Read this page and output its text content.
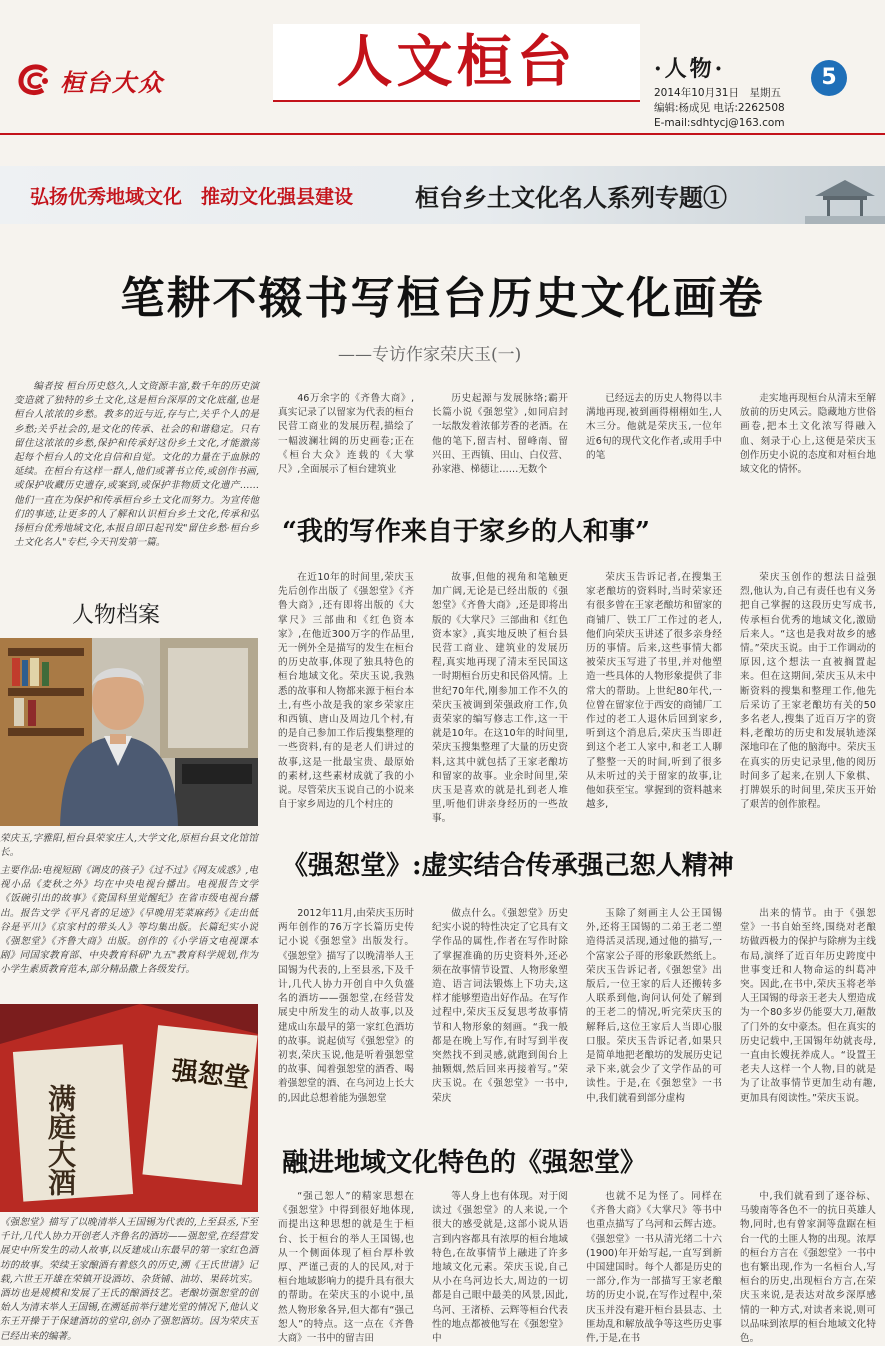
桓台大众	人文桓台	·人物·	5
2014年10月31日　星期五
编辑:杨成见 电话:2262508
E-mail:sdhtycj@163.com
弘扬优秀地域文化　推动文化强县建设	桓台乡土文化名人系列专题①
笔耕不辍书写桓台历史文化画卷
——专访作家荣庆玉(一)

编者按 桓台历史悠久,人文资源丰富,数千年的历史演变造就了独特的乡土文化,这是桓台深厚的文化底蕴,也是桓台人浓浓的乡愁。教多的近与近,存与亡,关乎个人的是乡愁;关乎社会的,是文化的传承、社会的和谐稳定。只有留住这浓浓的乡愁,保护和传承好这份乡土文化,才能激荡起每个桓台人的文化自信和自觉。文化的力量在于血脉的延续。在桓台有这样一群人,他们或著书立传,或创作书画,或保护收藏历史遗存,或案到,或保护非物质文化遗产……他们一直在为保护和传承桓台乡土文化而努力。为宣传他们的事迹,让更多的人了解和认识桓台乡土文化,传承和弘扬桓台优秀地域文化,本报自即日起刊发"留住乡愁·桓台乡土文化名人"专栏,今天刊发第一篇。

46万余字的《齐鲁大商》,真实记录了以留家为代表的桓台民营工商业的发展历程,描绘了一幅波澜壮阔的历史画卷;正在《桓台大众》连载的《大掌尺》,全面展示了桓台建筑业

历史起源与发展脉络;霸开长篇小说《强恕堂》,如同启封一坛散发着浓郁芳香的老酒。在他的笔下,留吉村、留峰南、留兴田、王西镇、田山、白仪营、孙家港、梯德让……无数个

已经远去的历史人物得以丰满地再现,被到画得栩栩如生,人木三分。他就是荣庆玉,一位年近6旬的现代文化作者,或用手中的笔

走实地再现桓台从清末至解放前的历史风云。隐藏地方世俗画卷,把本土文化浓写得融入血、刻录于心上,这便是荣庆玉创作历史小说的态度和对桓台地域文化的情怀。

“我的写作来自于家乡的人和事”

在近10年的时间里,荣庆玉先后创作出版了《强恕堂》《齐鲁大商》,还有即将出版的《大掌尺》三部曲和《红色资本家》,在他近300万字的作品里,无一例外全是描写的发生在桓台的历史故事,体现了独具特色的桓台地域文化。荣庆玉说,我熟悉的故事和人物都来源于桓台本土,有些小故是我的家乡荣家庄和西镇、唐山及周边几个村,有的是自己参加工作后搜集整理的一些资料,有的是老人们讲过的故事,这是一批最宝贵、最原始的素材,这些素材成就了我的小说。尽管荣庆玉说自己的小说来自于家乡周边的几个村庄的

故事,但他的视角和笔触更加广阔,无论是已经出版的《强恕堂》《齐鲁大商》,还是即将出版的《大掌尺》三部曲和《红色资本家》,真实地反映了桓台县民营工商业、建筑业的发展历程,真实地再现了清末至民国这一时期桓台历史和民俗风情。上世纪70年代,刚参加工作不久的荣庆玉被调到荣强政府工作,负责荣家的编写修志工作,这一干就是10年。在这10年的时间里,荣庆玉搜集整理了大量的历史资料,这其中就包括了王家老酿坊和留家的故事。业余时间里,荣庆玉是喜欢的就是扎到老人堆里,听他们讲亲身经历的一些故事。

荣庆玉告诉记者,在搜集王家老酿坊的资料时,当时荣家还有很多曾在王家老酿坊和留家的商铺厂、铁工厂工作过的老人,他们向荣庆玉讲述了很多亲身经历的事情。后来,这些事情大都被荣庆玉写进了书里,并对他塑造一些具体的人物形象提供了非常大的帮助。上世纪80年代,一位曾在留家位于西安的商铺厂工作过的老工人退休后回到家乡,听到这个消息后,荣庆玉当即赶到这个老工人家中,和老工人聊了整整一天的时间,听到了很多从未听过的关于留家的故事,让他如获至宝。掌握到的资料越来越多,

荣庆玉创作的想法日益强烈,他认为,自己有责任也有义务把自己掌握的这段历史写成书,传承桓台优秀的地域文化,激励后来人。“这也是我对故乡的感情。”荣庆玉说。由于工作调动的原因,这个想法一直被搁置起来。但在这期间,荣庆玉从未中断资料的搜集和整理工作,他先后采访了王家老酿坊有关的50多名老人,搜集了近百万字的资料,老酿坊的历史和发展轨迹深深地印在了他的脑海中。荣庆玉在真实的历史记录里,他的阅历时间多了起来,在别人下象棋、打牌娱乐的时间里,荣庆玉开始了艰苦的创作旅程。

人物档案

荣庆玉,字雅阳,桓台县荣家庄人,大学文化,原桓台县文化馆馆长。

主要作品:电视短剧《调皮的孩子》《过不过》《网友成惑》,电视小品《麦秋之外》均在中央电视台播出。电视报告文学《饭碗引出的故事》《瓷国科里觉醒纪》在省市级电视台播出。报告文学《平凡者的足迹》《早晚用芜菜麻药》《走出低谷是平川》《京家村的带头人》等均集出版。长篇纪实小说《强恕堂》《齐鲁大商》出版。创作的《小学语文电视课本剧》同国家教育部、中央教育科研"九五"教育科学规划,作为小学生素质教育范本,部分精品撒上各级发行。

满庭大酒
强恕堂

《强恕堂》描写了以晚清举人王国锡为代表的,上至县丞,下至千计,几代人协力开创老人齐鲁名的酒坊——强恕堂,在经营发展史中所发生的动人故事,以反建成山东最早的第一家红色酒坊的故事。荣续王家酿酒有着悠久的历史,溯《王氏世谱》记载,六世王开雄在荣镇开设酒坊、杂货铺、油坊、果砖坑实。酒坊也是规模和发展了王氏的酿酒技艺。老酿坊强恕堂的创始人为清末举人王国锡,在溯延前举行建光堂的情况下,他认义东王开操于于保建酒坊的堂印,创办了强恕酒坊。因为荣庆玉已经出来的编著。

《强恕堂》:虚实结合传承强己恕人精神

2012年11月,由荣庆玉历时两年创作的76万字长篇历史传记小说《强恕堂》出版发行。《强恕堂》描写了以晚清举人王国锡为代表的,上至县丞,下及千计,几代人协力开创自中久负盛名的酒坊——强恕堂,在经营发展史中所发生的动人故事,以及建成山东最早的第一家红色酒坊的故事。说起侦写《强恕堂》的初衷,荣庆玉说,他是听着强恕堂的故事、闻着强恕堂的酒香、喝着强恕堂的酒、在乌河边上长大的,因此总想着能为强恕堂

做点什么。《强恕堂》历史纪实小说的特性决定了它具有文学作品的属性,作者在写作时除了掌握准确的历史资料外,还必须在故事情节设置、人物形象塑造、语言词法锻炼上下功夫,这样才能够塑造出好作品。在写作过程中,荣庆玉反复思考故事情节和人物形象的刻画。“我一般都是在晚上写作,有时写到半夜突然找不到灵感,就跑到闺台上抽颗烟,然后回来再接着写。”荣庆玉说。在《强恕堂》一书中,荣庆

玉除了刻画主人公王国锡外,还将王国锡的二弟王老二塑造得活灵活现,通过他的描写,一个富家公子哥的形象跃然纸上。荣庆玉告诉记者,《强恕堂》出版后,一位王家的后人还搬转多人联系到他,询问认何处了解到的王老二的情况,听完荣庆玉的解释后,这位王家后人当即心服口服。荣庆玉告诉记者,如果只是简单地把老酿坊的发展历史记录下来,就会少了文学作品的可读性。于是,在《强恕堂》一书中,我们就看到部分虚构

出来的情节。由于《强恕堂》一书自始至终,围绕对老酿坊做西极力的保护与除痹为主线布局,演绎了近百年历史跨度中世事变迁和人物命运的纠葛冲突。因此,在书中,荣庆玉将老举人王国锡的母亲王老夫人塑造成为一个80多岁仍能耍大刀,砸散了门外的女中豪杰。但在真实的历史记载中,王国锡年幼就丧母,一直由长嫂抚养成人。“设置王老夫人这样一个人物,目的就是为了让故事情节更加生动有趣,更加具有阅读性。”荣庆玉说。

融进地域文化特色的《强恕堂》

“强己恕人”的精家思想在《强恕堂》中得到很好地体现,而提出这种思想的就是生于桓台、长于桓台的举人王国锡,也从一个侧面体现了桓台厚朴敦厚、严谨己责的人的民风,对于桓台地域影响力的提升具有很大的帮助。在荣庆玉的小说中,虽然人物形象各异,但大都有“强己恕人”的特点。这一点在《齐鲁大商》一书中的留吉田

等人身上也有体现。对于阅读过《强恕堂》的人来说,一个很大的感受就是,这部小说从语言到内容都具有浓厚的桓台地域特色,在故事情节上融进了许多地域文化元素。荣庆玉说,自己从小在乌河边长大,周边的一切都是自己眼中最美的风景,因此,乌河、王渚桥、云辉等桓台代表性的地点都被他写在《强恕堂》中

也就不足为怪了。同样在《齐鲁大商》《大掌尺》等书中也重点描写了乌河和云辉古迹。《强恕堂》一书从清光绪二十六(1900)年开始写起,一直写到新中国建国时。每个人都是历史的一部分,作为一部描写王家老酿坊的历史小说,在写作过程中,荣庆玉并没有避开桓台县县志、土匪劫乱和解放战争等这些历史事件,于是,在书

中,我们就看到了逐谷标、马骏南等各色不一的抗日英雄人物,同时,也有曾家洞等盘踞在桓台一代的土匪人物的出现。浓厚的桓台方言在《强恕堂》一书中也有繁出现,作为一名桓台人,写桓台的历史,出现桓台方言,在荣庆玉来说,是表达对故乡深厚感情的一种方式,对读者来说,则可以品味到浓厚的桓台地域文化特色。
